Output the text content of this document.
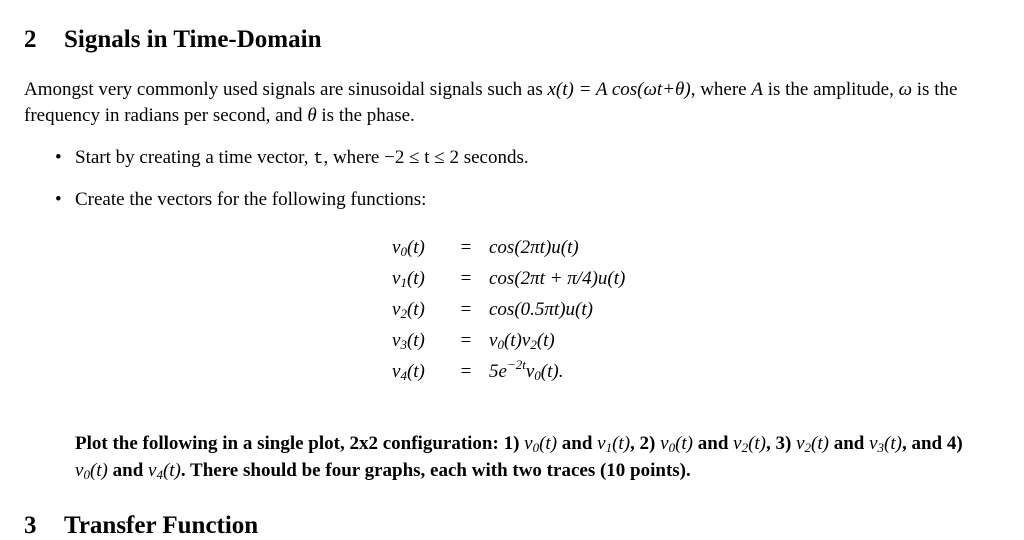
2 Signals in Time-Domain
Amongst very commonly used signals are sinusoidal signals such as x(t) = A cos(ωt+θ), where A is the amplitude, ω is the frequency in radians per second, and θ is the phase.
• Start by creating a time vector, t, where −2 ≤ t ≤ 2 seconds.
• Create the vectors for the following functions:
$v_0(t)$	= cos(2πt)u(t)
$v_1(t)$	= cos(2πt + π/4)u(t)
$v_2(t)$	= cos(0.5πt)u(t)
$v_3(t)$	= $v_0(t)v_2(t)$
$v_4(t)$	= $5e^{-2t}v_0(t)$.
Plot the following in a single plot, 2x2 configuration: 1) $v_0(t)$ and $v_1(t)$, 2) $v_0(t)$ and $v_2(t)$, 3) $v_2(t)$ and $v_3(t)$, and 4) $v_0(t)$ and $v_4(t)$. There should be four graphs, each with two traces (10 points).
3 Transfer Function
